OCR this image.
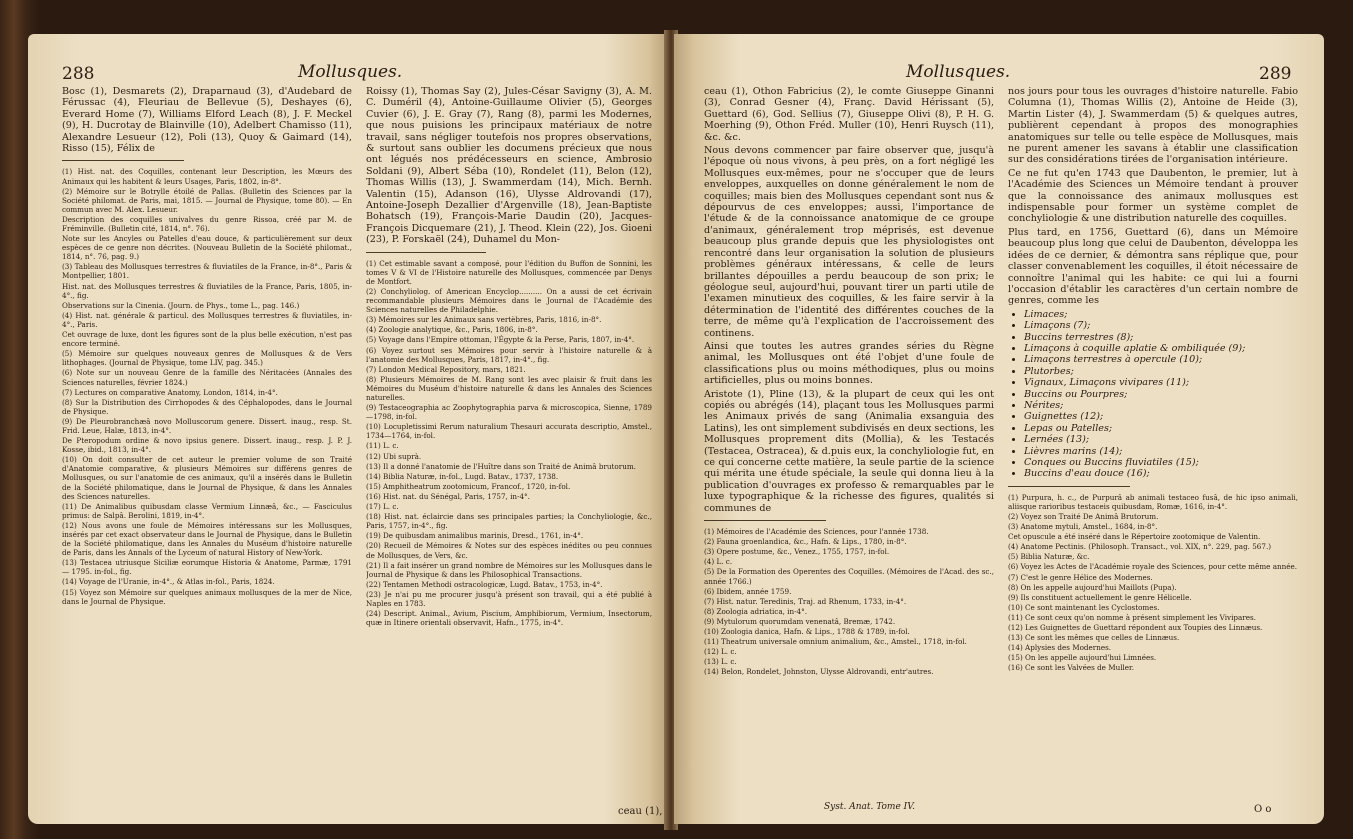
288	Mollusques.

Bosc (1), Desmarets (2), Draparnaud (3), d'Audebard de Férussac (4), Fleuriau de Bellevue (5), Deshayes (6), Everard Home (7), Williams Elford Leach (8), J. F. Meckel (9), H. Ducrotay de Blainville (10), Adelbert Chamisso (11), Alexandre Lesueur (12), Poli (13), Quoy & Gaimard (14), Risso (15), Félix de

(1) Hist. nat. des Coquilles, contenant leur Description, les Mœurs des Animaux qui les habitent & leurs Usages, Paris, 1802, in-8°.

(2) Mémoire sur le Botrylle étoilé de Pallas. (Bulletin des Sciences par la Société philomat. de Paris, mai, 1815. — Journal de Physique, tome 80). — En commun avec M. Alex. Lesueur.

Description des coquilles univalves du genre Rissoa, créé par M. de Fréminville. (Bulletin cité, 1814, n°. 76).

Note sur les Ancyles ou Patelles d'eau douce, & particulièrement sur deux espèces de ce genre non décrites. (Nouveau Bulletin de la Société philomat., 1814, n°. 76, pag. 9.)

(3) Tableau des Mollusques terrestres & fluviatiles de la France, in-8°., Paris & Montpellier, 1801.

Hist. nat. des Mollusques terrestres & fluviatiles de la France, Paris, 1805, in-4°., fig.

Observations sur la Cinenia. (Journ. de Phys., tome L., pag. 146.)

(4) Hist. nat. générale & particul. des Mollusques terrestres & fluviatiles, in-4°., Paris.

Cet ouvrage de luxe, dont les figures sont de la plus belle exécution, n'est pas encore terminé.

(5) Mémoire sur quelques nouveaux genres de Mollusques & de Vers lithophages. (Journal de Physique, tome LIV, pag. 345.)

(6) Note sur un nouveau Genre de la famille des Néritacées (Annales des Sciences naturelles, février 1824.)

(7) Lectures on comparative Anatomy, London, 1814, in-4°.

(8) Sur la Distribution des Cirrhopodes & des Céphalopodes, dans le Journal de Physique.

(9) De Pleurobranchæâ novo Molluscorum genere. Dissert. inaug., resp. St. Frid. Leue, Halæ, 1813, in-4°.

De Pteropodum ordine & novo ipsius genere. Dissert. inaug., resp. J. P. J. Kosse, ibid., 1813, in-4°.

(10) On doit consulter de cet auteur le premier volume de son Traité d'Anatomie comparative, & plusieurs Mémoires sur différens genres de Mollusques, ou sur l'anatomie de ces animaux, qu'il a insérés dans le Bulletin de la Société philomatique, dans le Journal de Physique, & dans les Annales des Sciences naturelles.

(11) De Animalibus quibusdam classe Vermium Linnæâ, &c., — Fasciculus primus: de Salpâ. Berolini, 1819, in-4°.

(12) Nous avons une foule de Mémoires intéressans sur les Mollusques, insérés par cet exact observateur dans le Journal de Physique, dans le Bulletin de la Société philomatique, dans les Annales du Muséum d'histoire naturelle de Paris, dans les Annals of the Lyceum of natural History of New-York.

(13) Testacea utriusque Siciliæ eorumque Historia & Anatome, Parmæ, 1791 — 1795. in-fol., fig.

(14) Voyage de l'Uranie, in-4°., & Atlas in-fol., Paris, 1824.

(15) Voyez son Mémoire sur quelques animaux mollusques de la mer de Nice, dans le Journal de Physique.

Roissy (1), Thomas Say (2), Jules-César Savigny (3), A. M. C. Duméril (4), Antoine-Guillaume Olivier (5), Georges Cuvier (6), J. E. Gray (7), Rang (8), parmi les Modernes, que nous puisions les principaux matériaux de notre travail, sans négliger toutefois nos propres observations, & surtout sans oublier les documens précieux que nous ont légués nos prédécesseurs en science, Ambrosio Soldani (9), Albert Séba (10), Rondelet (11), Belon (12), Thomas Willis (13), J. Swammerdam (14), Mich. Bernh. Valentin (15), Adanson (16), Ulysse Aldrovandi (17), Antoine-Joseph Dezallier d'Argenville (18), Jean-Baptiste Bohatsch (19), François-Marie Daudin (20), Jacques-François Dicquemare (21), J. Theod. Klein (22), Jos. Gioeni (23), P. Forskaël (24), Duhamel du Mon-

(1) Cet estimable savant a composé, pour l'édition du Buffon de Sonnini, les tomes V & VI de l'Histoire naturelle des Mollusques, commencée par Denys de Montfort.

(2) Conchyliolog. of American Encyclop.......... On a aussi de cet écrivain recommandable plusieurs Mémoires dans le Journal de l'Académie des Sciences naturelles de Philadelphie.

(3) Mémoires sur les Animaux sans vertèbres, Paris, 1816, in-8°.

(4) Zoologie analytique, &c., Paris, 1806, in-8°.

(5) Voyage dans l'Empire ottoman, l'Égypte & la Perse, Paris, 1807, in-4°.

(6) Voyez surtout ses Mémoires pour servir à l'histoire naturelle & à l'anatomie des Mollusques, Paris, 1817, in-4°., fig.

(7) London Medical Repository, mars, 1821.

(8) Plusieurs Mémoires de M. Rang sont les avec plaisir & fruit dans les Mémoires du Muséum d'histoire naturelle & dans les Annales des Sciences naturelles.

(9) Testaceographia ac Zoophytographia parva & microscopica, Sienne, 1789—1798, in-fol.

(10) Locupletissimi Rerum naturalium Thesauri accurata descriptio, Amstel., 1734—1764, in-fol.

(11) L. c.

(12) Ubi suprà.

(13) Il a donné l'anatomie de l'Huître dans son Traité de Animâ brutorum.

(14) Biblia Naturæ, in-fol., Lugd. Batav., 1737, 1738.

(15) Amphitheatrum zootomicum, Francof., 1720, in-fol.

(16) Hist. nat. du Sénégal, Paris, 1757, in-4°.

(17) L. c.

(18) Hist. nat. éclaircie dans ses principales parties; la Conchyliologie, &c., Paris, 1757, in-4°., fig.

(19) De quibusdam animalibus marinis, Dresd., 1761, in-4°.

(20) Recueil de Mémoires & Notes sur des espèces inédites ou peu connues de Mollusques, de Vers, &c.

(21) Il a fait insérer un grand nombre de Mémoires sur les Mollusques dans le Journal de Physique & dans les Philosophical Transactions.

(22) Tentamen Methodi ostracologicæ, Lugd. Batav., 1753, in-4°.

(23) Je n'ai pu me procurer jusqu'à présent son travail, qui a été publié à Naples en 1783.

(24) Descript. Animal., Avium, Piscium, Amphibiorum, Vermium, Insectorum, quæ in Itinere orientali observavit, Hafn., 1775, in-4°.

ceau (1),
Mollusques.	289

ceau (1), Othon Fabricius (2), le comte Giuseppe Ginanni (3), Conrad Gesner (4), Franç. David Hérissant (5), Guettard (6), God. Sellius (7), Giuseppe Olivi (8), P. H. G. Moerhing (9), Othon Fréd. Muller (10), Henri Ruysch (11), &c. &c.

Nous devons commencer par faire observer que, jusqu'à l'époque où nous vivons, à peu près, on a fort négligé les Mollusques eux-mêmes, pour ne s'occuper que de leurs enveloppes, auxquelles on donne généralement le nom de coquilles; mais bien des Mollusques cependant sont nus & dépourvus de ces enveloppes; aussi, l'importance de l'étude & de la connoissance anatomique de ce groupe d'animaux, généralement trop méprisés, est devenue beaucoup plus grande depuis que les physiologistes ont rencontré dans leur organisation la solution de plusieurs problèmes généraux intéressans, & celle de leurs brillantes dépouilles a perdu beaucoup de son prix; le géologue seul, aujourd'hui, pouvant tirer un parti utile de l'examen minutieux des coquilles, & les faire servir à la détermination de l'identité des différentes couches de la terre, de même qu'à l'explication de l'accroissement des continens.

Ainsi que toutes les autres grandes séries du Règne animal, les Mollusques ont été l'objet d'une foule de classifications plus ou moins méthodiques, plus ou moins artificielles, plus ou moins bonnes.

Aristote (1), Pline (13), & la plupart de ceux qui les ont copiés ou abrégés (14), plaçant tous les Mollusques parmi les Animaux privés de sang (Animalia exsanguia des Latins), les ont simplement subdivisés en deux sections, les Mollusques proprement dits (Mollia), & les Testacés (Testacea, Ostracea), & d.puis eux, la conchyliologie fut, en ce qui concerne cette matière, la seule partie de la science qui mérita une étude spéciale, la seule qui donna lieu à la publication d'ouvrages ex professo & remarquables par le luxe typographique & la richesse des figures, qualités si communes de

(1) Mémoires de l'Académie des Sciences, pour l'année 1738.

(2) Fauna groenlandica, &c., Hafn. & Lips., 1780, in-8°.

(3) Opere postume, &c., Venez., 1755, 1757, in-fol.

(4) L. c.

(5) De la Formation des Operentes des Coquilles. (Mémoires de l'Acad. des sc., année 1766.)

(6) Ibidem, année 1759.

(7) Hist. natur. Teredinis, Traj. ad Rhenum, 1733, in-4°.

(8) Zoologia adriatica, in-4°.

(9) Mytulorum quorumdam venenatâ, Bremæ, 1742.

(10) Zoologia danica, Hafn. & Lips., 1788 & 1789, in-fol.

(11) Theatrum universale omnium animalium, &c., Amstel., 1718, in-fol.

(12) L. c.

(13) L. c.

(14) Belon, Rondelet, Johnston, Ulysse Aldrovandi, entr'autres.

Syst. Anat. Tome IV.

nos jours pour tous les ouvrages d'histoire naturelle. Fabio Columna (1), Thomas Willis (2), Antoine de Heide (3), Martin Lister (4), J. Swammerdam (5) & quelques autres, publièrent cependant à propos des monographies anatomiques sur telle ou telle espèce de Mollusques, mais ne purent amener les savans à établir une classification sur des considérations tirées de l'organisation intérieure.

Ce ne fut qu'en 1743 que Daubenton, le premier, lut à l'Académie des Sciences un Mémoire tendant à prouver que la connoissance des animaux mollusques est indispensable pour former un système complet de conchyliologie & une distribution naturelle des coquilles.

Plus tard, en 1756, Guettard (6), dans un Mémoire beaucoup plus long que celui de Daubenton, développa les idées de ce dernier, & démontra sans réplique que, pour classer convenablement les coquilles, il étoit nécessaire de connoître l'animal qui les habite: ce qui lui a fourni l'occasion d'établir les caractères d'un certain nombre de genres, comme les

• Limaces;
• Limaçons (7);
• Buccins terrestres (8);
• Limaçons à coquille aplatie & ombiliquée (9);
• Limaçons terrestres à opercule (10);
• Plutorbes;
• Vignaux, Limaçons vivipares (11);
• Buccins ou Pourpres;
• Nérites;
• Guignettes (12);
• Lepas ou Patelles;
• Lernées (13);
• Lièvres marins (14);
• Conques ou Buccins fluviatiles (15);
• Buccins d'eau douce (16);

(1) Purpura, h. c., de Purpurâ ab animali testaceo fusâ, de hic ipso animali, aliisque rarioribus testaceis quibusdam, Romæ, 1616, in-4°.

(2) Voyez son Traité De Animâ Brutorum.

(3) Anatome mytuli, Amstel., 1684, in-8°.

Cet opuscule a été inséré dans le Répertoire zootomique de Valentin.

(4) Anatome Pectinis. (Philosoph. Transact., vol. XIX, n°. 229, pag. 567.)

(5) Biblia Naturæ, &c.

(6) Voyez les Actes de l'Académie royale des Sciences, pour cette même année.

(7) C'est le genre Hélice des Modernes.

(8) On les appelle aujourd'hui Maillots (Pupa).

(9) Ils constituent actuellement le genre Hélicelle.

(10) Ce sont maintenant les Cyclostomes.

(11) Ce sont ceux qu'on nomme à présent simplement les Vivipares.

(12) Les Guignettes de Guettard répondent aux Toupies des Linnæus.

(13) Ce sont les mêmes que celles de Linnæus.

(14) Aplysies des Modernes.

(15) On les appelle aujourd'hui Limnées.

(16) Ce sont les Valvées de Muller.

O o
